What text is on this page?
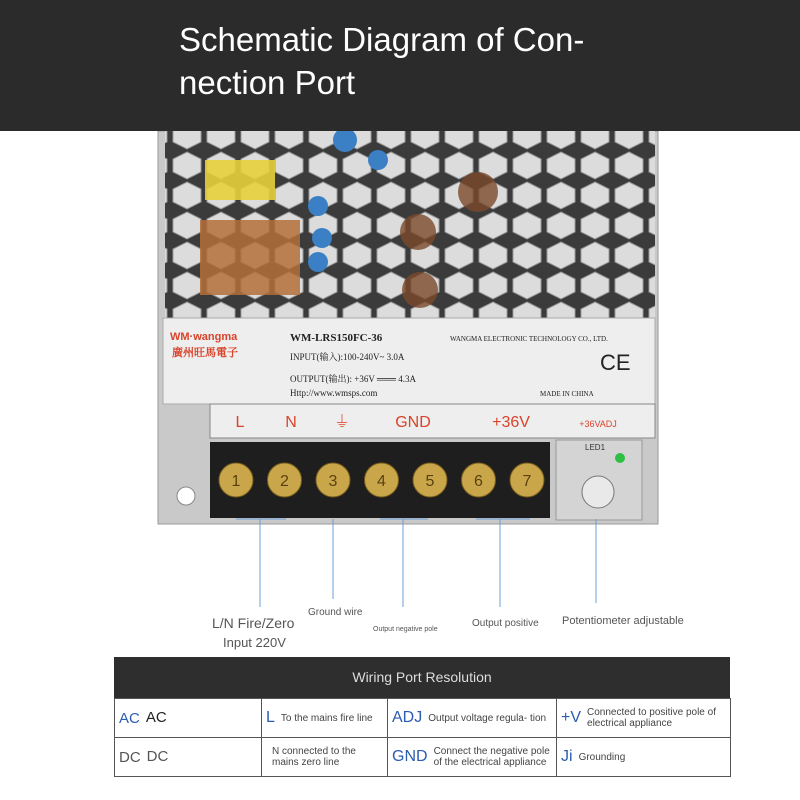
Schematic Diagram of Con- nection Port
WM·wangma
廣州旺馬電子
WM-LRS150FC-36
INPUT(输入):100-240V~ 3.0A
OUTPUT(输出): +36V ═══ 4.3A
Http://www.wmsps.com
WANGMA ELECTRONIC TECHNOLOGY CO., LTD.
MADE IN CHINA
CE
L	N ⏚	GND	+36V	+36VADJ
1 2 3 4 5 6 7
LED1
L/N Fire/Zero
Input 220V
Ground wire
Output negative pole
Output positive Potentiometer adjustable
Wiring Port Resolution
AC AC	L To the mains fire line	ADJ Output voltage regula- tion	+V Connected to positive pole of electrical appliance

DC DC	N connected to the mains zero line	GND Connect the negative pole of the electrical appliance	Ji Grounding
